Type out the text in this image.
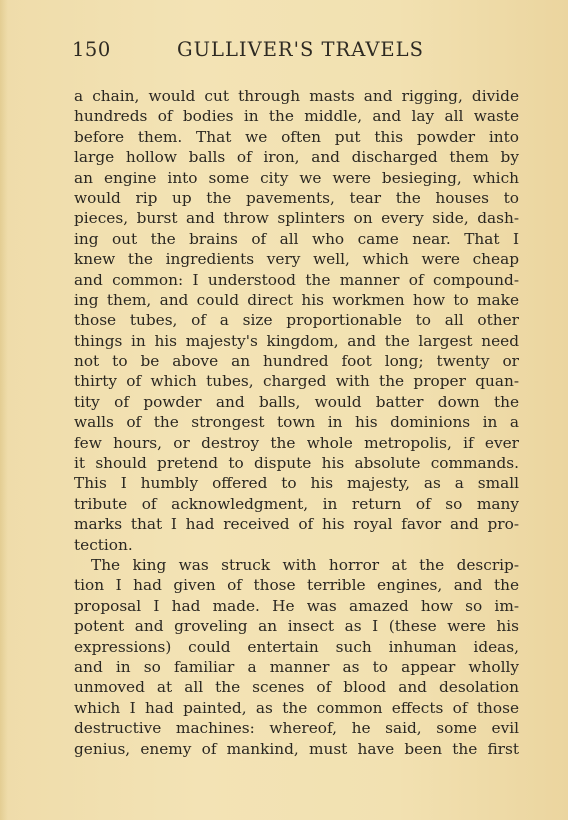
150	GULLIVER'S TRAVELS
a chain, would cut through masts and rigging, divide
hundreds of bodies in the middle, and lay all waste
before them. That we often put this powder into
large hollow balls of iron, and discharged them by
an engine into some city we were besieging, which
would rip up the pavements, tear the houses to
pieces, burst and throw splinters on every side, dash-
ing out the brains of all who came near. That I
knew the ingredients very well, which were cheap
and common: I understood the manner of compound-
ing them, and could direct his workmen how to make
those tubes, of a size proportionable to all other
things in his majesty's kingdom, and the largest need
not to be above an hundred foot long; twenty or
thirty of which tubes, charged with the proper quan-
tity of powder and balls, would batter down the
walls of the strongest town in his dominions in a
few hours, or destroy the whole metropolis, if ever
it should pretend to dispute his absolute commands.
This I humbly offered to his majesty, as a small
tribute of acknowledgment, in return of so many
marks that I had received of his royal favor and pro-
tection.
The king was struck with horror at the descrip-
tion I had given of those terrible engines, and the
proposal I had made. He was amazed how so im-
potent and groveling an insect as I (these were his
expressions) could entertain such inhuman ideas,
and in so familiar a manner as to appear wholly
unmoved at all the scenes of blood and desolation
which I had painted, as the common effects of those
destructive machines: whereof, he said, some evil
genius, enemy of mankind, must have been the first
